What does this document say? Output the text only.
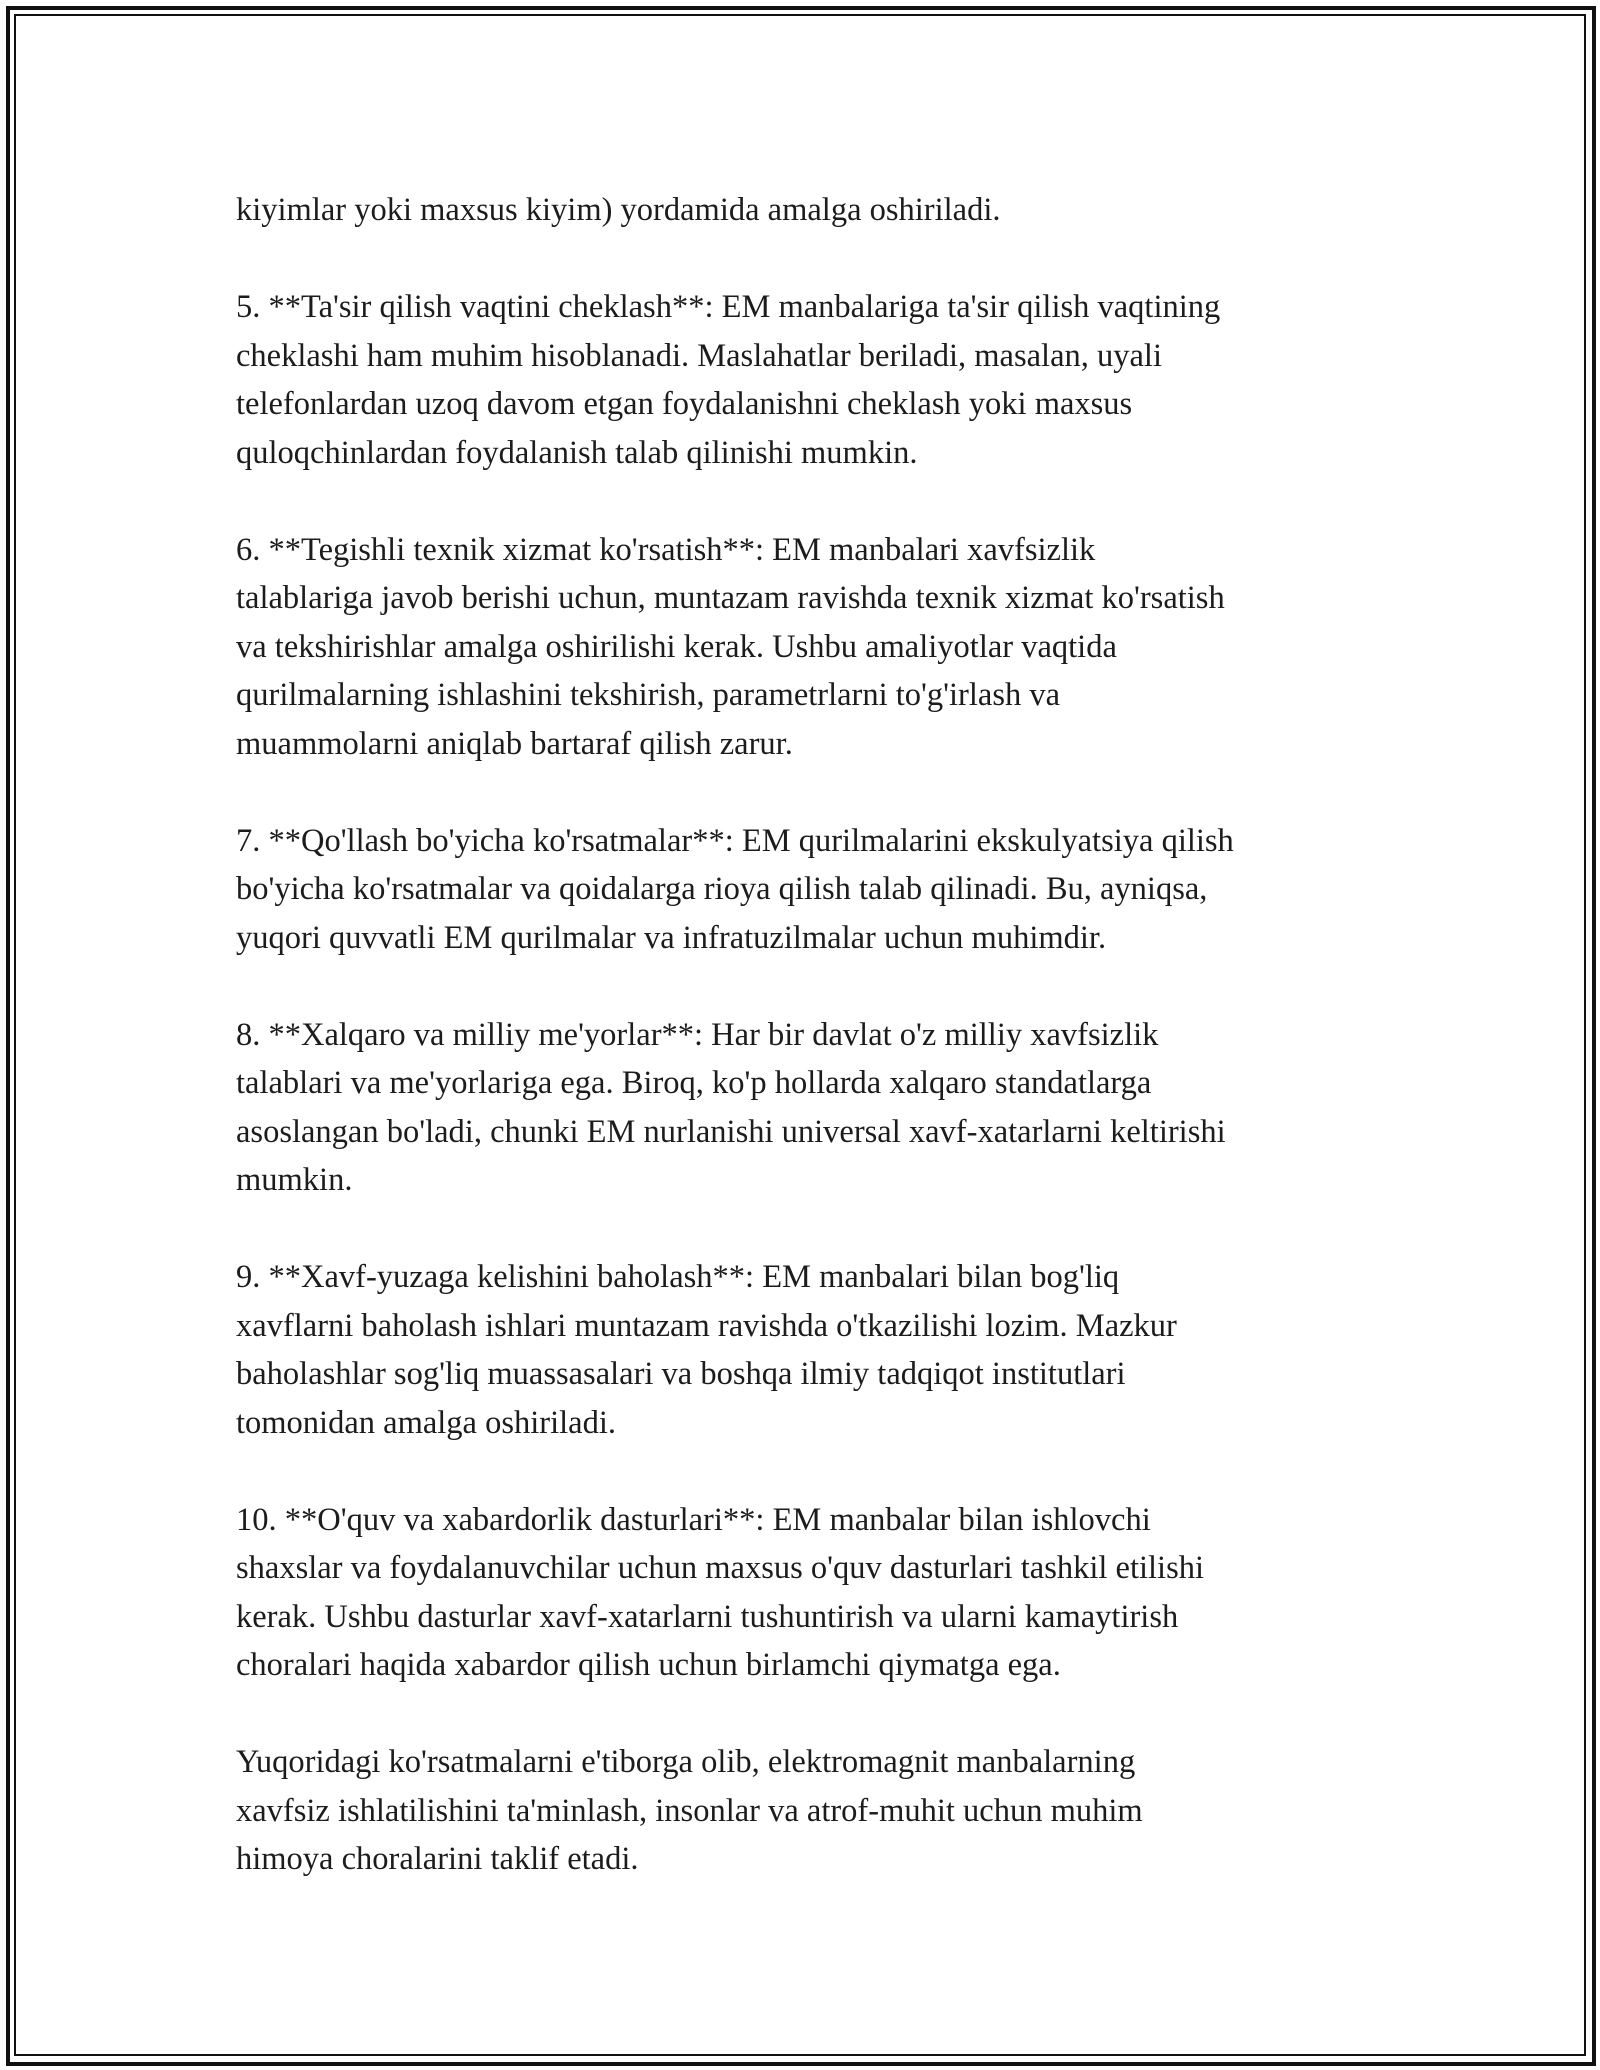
kiyimlar yoki maxsus kiyim) yordamida amalga oshiriladi.

5. **Ta'sir qilish vaqtini cheklash**: EM manbalariga ta'sir qilish vaqtining
cheklashi ham muhim hisoblanadi. Maslahatlar beriladi, masalan, uyali
telefonlardan uzoq davom etgan foydalanishni cheklash yoki maxsus
quloqchinlardan foydalanish talab qilinishi mumkin.

6. **Tegishli texnik xizmat ko'rsatish**: EM manbalari xavfsizlik
talablariga javob berishi uchun, muntazam ravishda texnik xizmat ko'rsatish
va tekshirishlar amalga oshirilishi kerak. Ushbu amaliyotlar vaqtida
qurilmalarning ishlashini tekshirish, parametrlarni to'g'irlash va
muammolarni aniqlab bartaraf qilish zarur.

7. **Qo'llash bo'yicha ko'rsatmalar**: EM qurilmalarini ekskulyatsiya qilish
bo'yicha ko'rsatmalar va qoidalarga rioya qilish talab qilinadi. Bu, ayniqsa,
yuqori quvvatli EM qurilmalar va infratuzilmalar uchun muhimdir.

8. **Xalqaro va milliy me'yorlar**: Har bir davlat o'z milliy xavfsizlik
talablari va me'yorlariga ega. Biroq, ko'p hollarda xalqaro standatlarga
asoslangan bo'ladi, chunki EM nurlanishi universal xavf-xatarlarni keltirishi
mumkin.

9. **Xavf-yuzaga kelishini baholash**: EM manbalari bilan bog'liq
xavflarni baholash ishlari muntazam ravishda o'tkazilishi lozim. Mazkur
baholashlar sog'liq muassasalari va boshqa ilmiy tadqiqot institutlari
tomonidan amalga oshiriladi.

10. **O'quv va xabardorlik dasturlari**: EM manbalar bilan ishlovchi
shaxslar va foydalanuvchilar uchun maxsus o'quv dasturlari tashkil etilishi
kerak. Ushbu dasturlar xavf-xatarlarni tushuntirish va ularni kamaytirish
choralari haqida xabardor qilish uchun birlamchi qiymatga ega.

Yuqoridagi ko'rsatmalarni e'tiborga olib, elektromagnit manbalarning
xavfsiz ishlatilishini ta'minlash, insonlar va atrof-muhit uchun muhim
himoya choralarini taklif etadi.
